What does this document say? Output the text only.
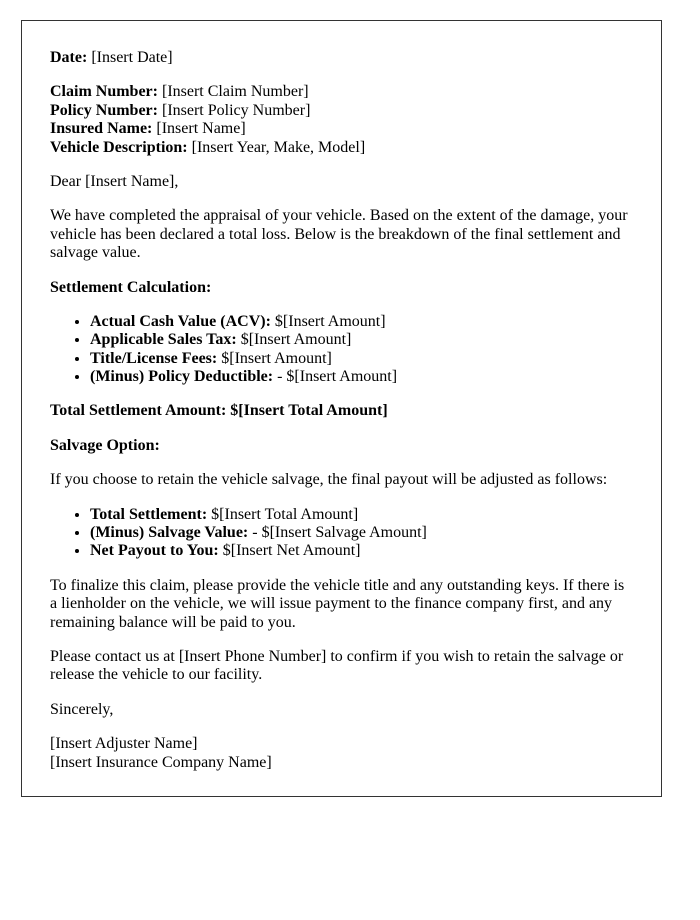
Date: [Insert Date]
Claim Number: [Insert Claim Number]
Policy Number: [Insert Policy Number]
Insured Name: [Insert Name]
Vehicle Description: [Insert Year, Make, Model]
Dear [Insert Name],
We have completed the appraisal of your vehicle. Based on the extent of the damage, your vehicle has been declared a total loss. Below is the breakdown of the final settlement and salvage value.
Settlement Calculation:
• Actual Cash Value (ACV): $[Insert Amount]
• Applicable Sales Tax: $[Insert Amount]
• Title/License Fees: $[Insert Amount]
• (Minus) Policy Deductible: - $[Insert Amount]
Total Settlement Amount: $[Insert Total Amount]
Salvage Option:
If you choose to retain the vehicle salvage, the final payout will be adjusted as follows:
• Total Settlement: $[Insert Total Amount]
• (Minus) Salvage Value: - $[Insert Salvage Amount]
• Net Payout to You: $[Insert Net Amount]
To finalize this claim, please provide the vehicle title and any outstanding keys. If there is a lienholder on the vehicle, we will issue payment to the finance company first, and any remaining balance will be paid to you.
Please contact us at [Insert Phone Number] to confirm if you wish to retain the salvage or release the vehicle to our facility.
Sincerely,
[Insert Adjuster Name]
[Insert Insurance Company Name]
